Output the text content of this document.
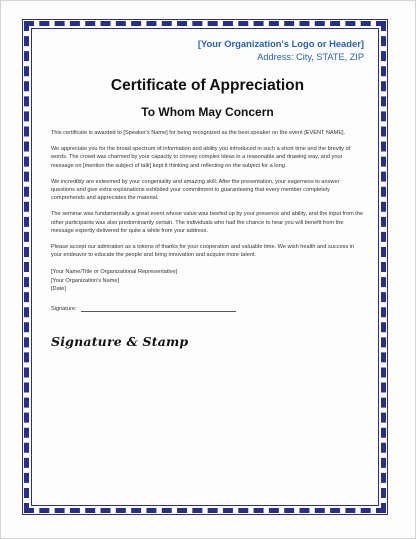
[Your Organization's Logo or Header]

Address: City, STATE, ZIP

Certificate of Appreciation
To Whom May Concern

This certificate is awarded to [Speaker's Name] for being recognized as the best speaker on the event [EVENT NAME].

We appreciate you for the broad spectrum of information and ability you introduced in such a short time and the brevity of words. The crowd was charmed by your capacity to convey complex ideas in a reasonable and drawing way, and your message on [mention the subject of talk] kept it thinking and reflecting on the subject for a long.

We incredibly are esteemed by your congeniality and amazing skill. After the presentation, your eagerness to answer questions and give extra explanations exhibited your commitment to guaranteeing that every member completely comprehends and appreciates the material.

The seminar was fundamentally a great event whose value was beefed up by your presence and ability, and the input from the other participants was also predominantly certain. The individuals who had the chance to hear you will benefit from the message expertly delivered for quite a while from your address.

Please accept our admiration as a tokens of thanks for your cooperation and valuable time. We wish health and success in your endeavor to educate the people and bring innovation and acquire more talent.

[Your Name/Title or Organizational Representative]
[Your Organization's Name]
[Date]
Signature:
Signature & Stamp
